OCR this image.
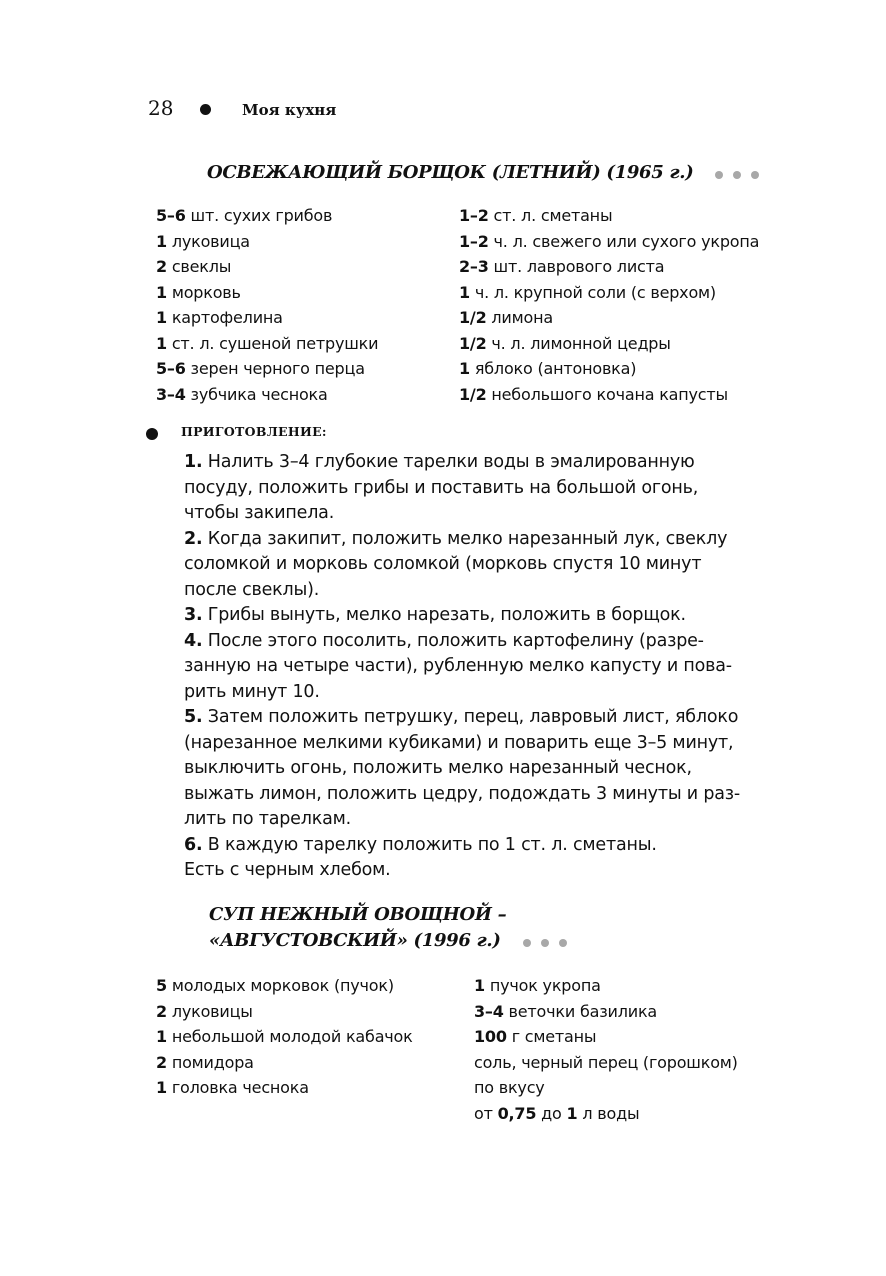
28	Моя кухня
ОСВЕЖАЮЩИЙ БОРЩОК (ЛЕТНИЙ) (1965 г.)
5–6 шт. сухих грибов
1 луковица
2 свеклы
1 морковь
1 картофелина
1 ст. л. сушеной петрушки
5–6 зерен черного перца
3–4 зубчика чеснока
1–2 ст. л. сметаны
1–2 ч. л. свежего или сухого укропа
2–3 шт. лаврового листа
1 ч. л. крупной соли (с верхом)
1/2 лимона
1/2 ч. л. лимонной цедры
1 яблоко (антоновка)
1/2 небольшого кочана капусты
ПРИГОТОВЛЕНИЕ:
1. Налить 3–4 глубокие тарелки воды в эмалированную
посуду, положить грибы и поставить на большой огонь,
чтобы закипела.
2. Когда закипит, положить мелко нарезанный лук, свеклу
соломкой и морковь соломкой (морковь спустя 10 минут
после свеклы).
3. Грибы вынуть, мелко нарезать, положить в борщок.
4. После этого посолить, положить картофелину (разре-
занную на четыре части), рубленную мелко капусту и пова-
рить минут 10.
5. Затем положить петрушку, перец, лавровый лист, яблоко
(нарезанное мелкими кубиками) и поварить еще 3–5 минут,
выключить огонь, положить мелко нарезанный чеснок,
выжать лимон, положить цедру, подождать 3 минуты и раз-
лить по тарелкам.
6. В каждую тарелку положить по 1 ст. л. сметаны.
Есть с черным хлебом.
СУП НЕЖНЫЙ ОВОЩНОЙ –
«АВГУСТОВСКИЙ» (1996 г.)
5 молодых морковок (пучок)
2 луковицы
1 небольшой молодой кабачок
2 помидора
1 головка чеснока
1 пучок укропа
3–4 веточки базилика
100 г сметаны
соль, черный перец (горошком)
по вкусу
от 0,75 до 1 л воды
